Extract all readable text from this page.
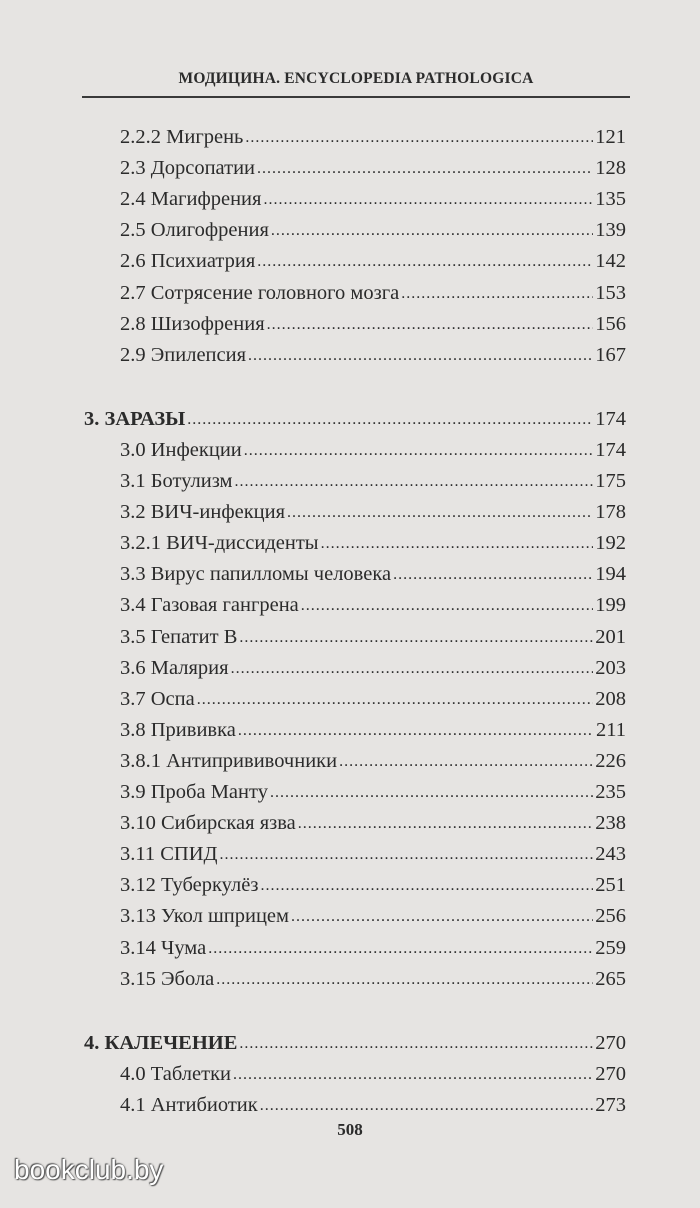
МОДИЦИНА. ENCYCLOPEDIA PATHOLOGICA
2.2.2 Мигрень .....	121
2.3 Дорсопатии .....	128
2.4 Магифрения .....	135
2.5 Олигофрения .....	139
2.6 Психиатрия .....	142
2.7 Сотрясение головного мозга .....	153
2.8 Шизофрения .....	156
2.9 Эпилепсия .....	167
3. ЗАРАЗЫ .....	174
3.0 Инфекции .....	174
3.1 Ботулизм .....	175
3.2 ВИЧ-инфекция .....	178
3.2.1 ВИЧ-диссиденты .....	192
3.3 Вирус папилломы человека .....	194
3.4 Газовая гангрена .....	199
3.5 Гепатит В .....	201
3.6 Малярия .....	203
3.7 Оспа .....	208
3.8 Прививка .....	211
3.8.1 Антипрививочники .....	226
3.9 Проба Манту .....	235
3.10 Сибирская язва .....	238
3.11 СПИД .....	243
3.12 Туберкулёз .....	251
3.13 Укол шприцем .....	256
3.14 Чума .....	259
3.15 Эбола .....	265
4. КАЛЕЧЕНИЕ .....	270
4.0 Таблетки .....	270
4.1 Антибиотик .....	273
508
bookclub.by
